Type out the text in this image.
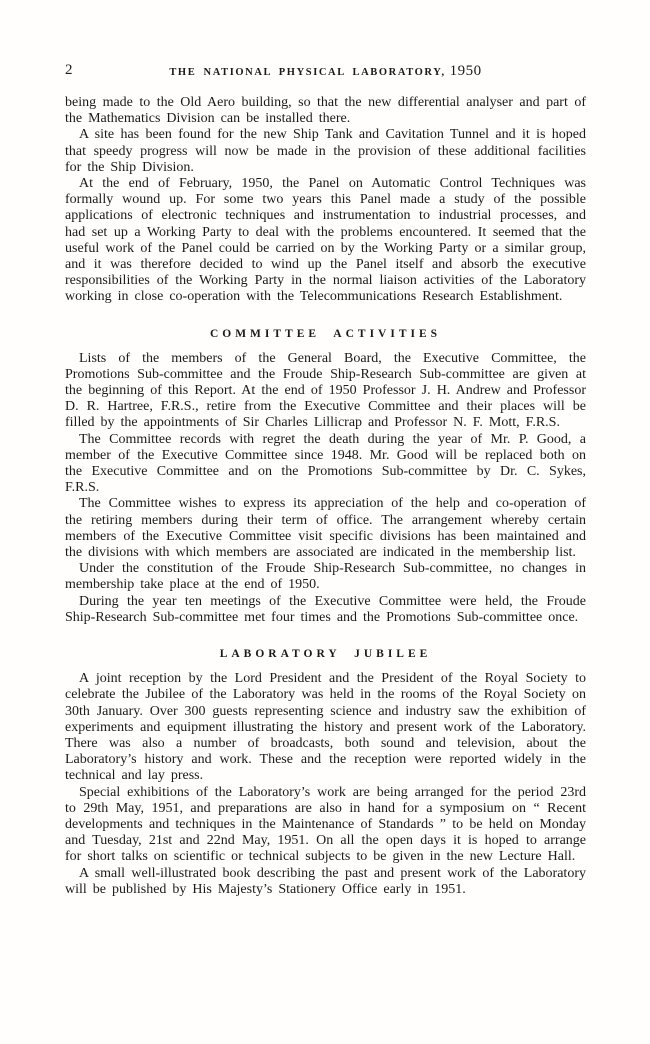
2	THE NATIONAL PHYSICAL LABORATORY, 1950

being made to the Old Aero building, so that the new differential analyser and part of the Mathematics Division can be installed there.

A site has been found for the new Ship Tank and Cavitation Tunnel and it is hoped that speedy progress will now be made in the provision of these additional facilities for the Ship Division.

At the end of February, 1950, the Panel on Automatic Control Techniques was formally wound up. For some two years this Panel made a study of the possible applications of electronic techniques and instrumentation to industrial processes, and had set up a Working Party to deal with the problems encountered. It seemed that the useful work of the Panel could be carried on by the Working Party or a similar group, and it was therefore decided to wind up the Panel itself and absorb the executive responsibilities of the Working Party in the normal liaison activities of the Laboratory working in close co-operation with the Telecommunications Research Establishment.

COMMITTEE ACTIVITIES

Lists of the members of the General Board, the Executive Committee, the Promotions Sub-committee and the Froude Ship-Research Sub-committee are given at the beginning of this Report. At the end of 1950 Professor J. H. Andrew and Professor D. R. Hartree, F.R.S., retire from the Executive Committee and their places will be filled by the appointments of Sir Charles Lillicrap and Professor N. F. Mott, F.R.S.

The Committee records with regret the death during the year of Mr. P. Good, a member of the Executive Committee since 1948. Mr. Good will be replaced both on the Executive Committee and on the Promotions Sub-committee by Dr. C. Sykes, F.R.S.

The Committee wishes to express its appreciation of the help and co-operation of the retiring members during their term of office. The arrangement whereby certain members of the Executive Committee visit specific divisions has been maintained and the divisions with which members are associated are indicated in the membership list.

Under the constitution of the Froude Ship-Research Sub-committee, no changes in membership take place at the end of 1950.

During the year ten meetings of the Executive Committee were held, the Froude Ship-Research Sub-committee met four times and the Promotions Sub-committee once.

LABORATORY JUBILEE

A joint reception by the Lord President and the President of the Royal Society to celebrate the Jubilee of the Laboratory was held in the rooms of the Royal Society on 30th January. Over 300 guests representing science and industry saw the exhibition of experiments and equipment illustrating the history and present work of the Laboratory. There was also a number of broadcasts, both sound and television, about the Laboratory’s history and work. These and the reception were reported widely in the technical and lay press.

Special exhibitions of the Laboratory’s work are being arranged for the period 23rd to 29th May, 1951, and preparations are also in hand for a symposium on “ Recent developments and techniques in the Maintenance of Standards ” to be held on Monday and Tuesday, 21st and 22nd May, 1951. On all the open days it is hoped to arrange for short talks on scientific or technical subjects to be given in the new Lecture Hall.

A small well-illustrated book describing the past and present work of the Laboratory will be published by His Majesty’s Stationery Office early in 1951.
